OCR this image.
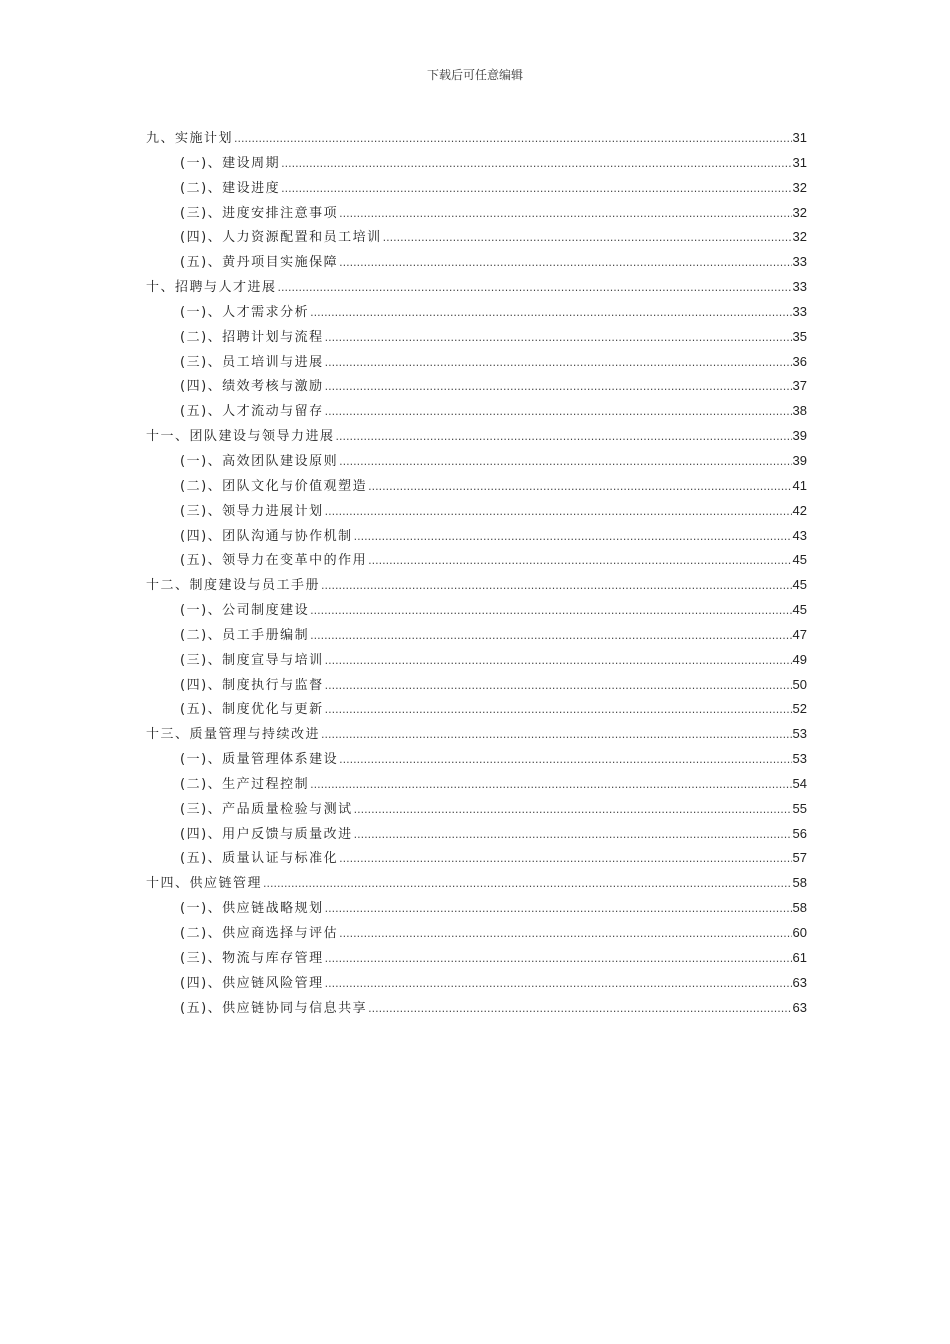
下载后可任意编辑
九、实施计划 .....	31
(一)、建设周期 .....	31
(二)、建设进度 .....	32
(三)、进度安排注意事项 .....	32
(四)、人力资源配置和员工培训 .....	32
(五)、黄丹项目实施保障 .....	33
十、招聘与人才进展 .....	33
(一)、人才需求分析 .....	33
(二)、招聘计划与流程 .....	35
(三)、员工培训与进展 .....	36
(四)、绩效考核与激励 .....	37
(五)、人才流动与留存 .....	38
十一、团队建设与领导力进展 .....	39
(一)、高效团队建设原则 .....	39
(二)、团队文化与价值观塑造 .....	41
(三)、领导力进展计划 .....	42
(四)、团队沟通与协作机制 .....	43
(五)、领导力在变革中的作用 .....	45
十二、制度建设与员工手册 .....	45
(一)、公司制度建设 .....	45
(二)、员工手册编制 .....	47
(三)、制度宣导与培训 .....	49
(四)、制度执行与监督 .....	50
(五)、制度优化与更新 .....	52
十三、质量管理与持续改进 .....	53
(一)、质量管理体系建设 .....	53
(二)、生产过程控制 .....	54
(三)、产品质量检验与测试 .....	55
(四)、用户反馈与质量改进 .....	56
(五)、质量认证与标准化 .....	57
十四、供应链管理 .....	58
(一)、供应链战略规划 .....	58
(二)、供应商选择与评估 .....	60
(三)、物流与库存管理 .....	61
(四)、供应链风险管理 .....	63
(五)、供应链协同与信息共享 .....	63
